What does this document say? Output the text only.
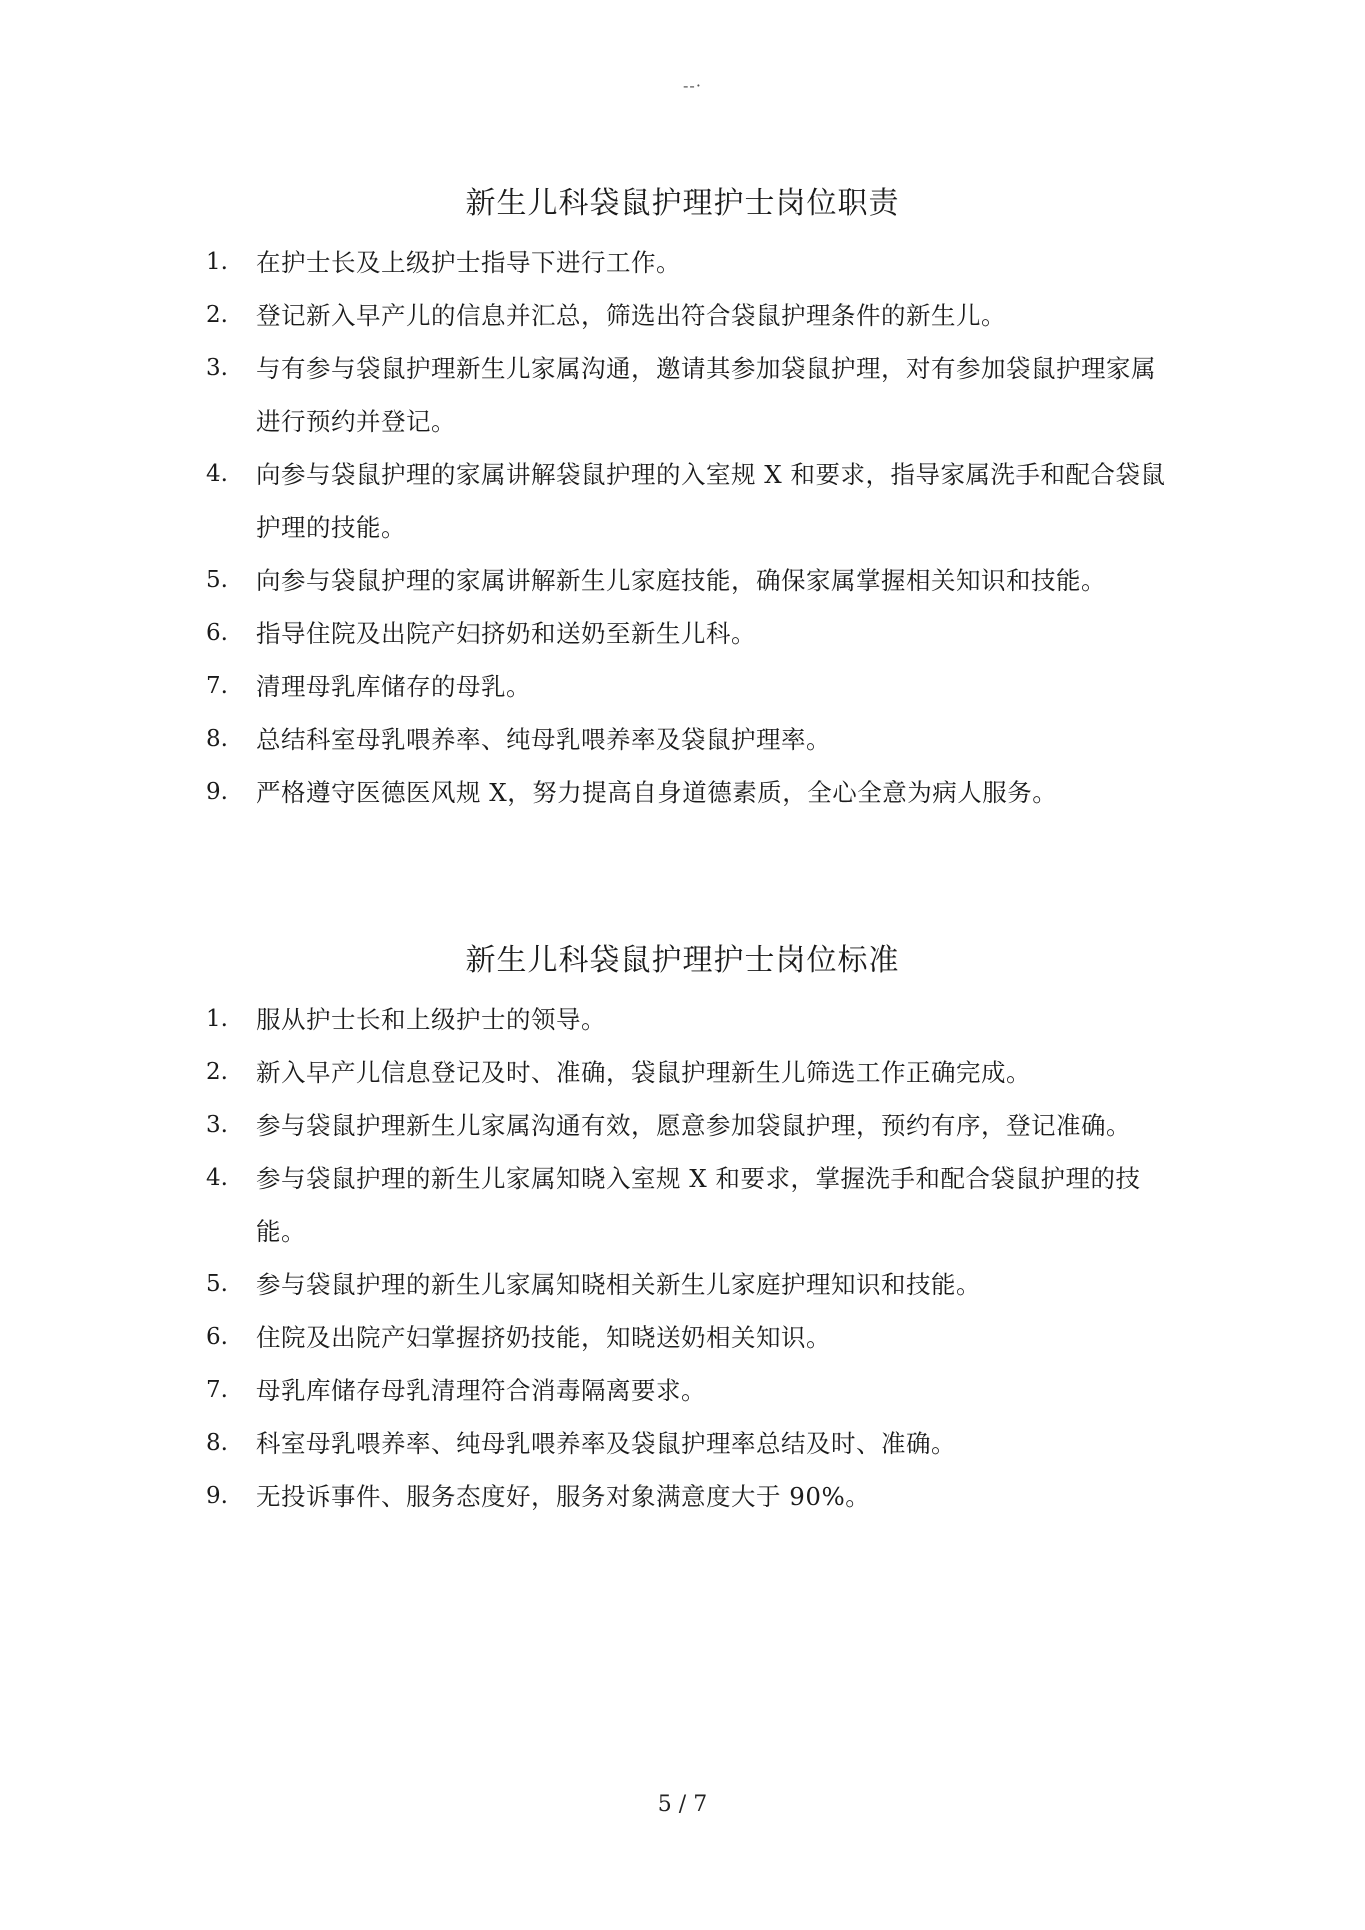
--·
新生儿科袋鼠护理护士岗位职责
1.	在护士长及上级护士指导下进行工作。
2.	登记新入早产儿的信息并汇总，筛选出符合袋鼠护理条件的新生儿。
3.	与有参与袋鼠护理新生儿家属沟通，邀请其参加袋鼠护理，对有参加袋鼠护理家属进行预约并登记。
4.	向参与袋鼠护理的家属讲解袋鼠护理的入室规 X 和要求，指导家属洗手和配合袋鼠护理的技能。
5.	向参与袋鼠护理的家属讲解新生儿家庭技能，确保家属掌握相关知识和技能。
6.	指导住院及出院产妇挤奶和送奶至新生儿科。
7.	清理母乳库储存的母乳。
8.	总结科室母乳喂养率、纯母乳喂养率及袋鼠护理率。
9.	严格遵守医德医风规 X，努力提高自身道德素质，全心全意为病人服务。
新生儿科袋鼠护理护士岗位标准
1.	服从护士长和上级护士的领导。
2.	新入早产儿信息登记及时、准确，袋鼠护理新生儿筛选工作正确完成。
3.	参与袋鼠护理新生儿家属沟通有效，愿意参加袋鼠护理，预约有序，登记准确。
4.	参与袋鼠护理的新生儿家属知晓入室规 X 和要求，掌握洗手和配合袋鼠护理的技能。
5.	参与袋鼠护理的新生儿家属知晓相关新生儿家庭护理知识和技能。
6.	住院及出院产妇掌握挤奶技能，知晓送奶相关知识。
7.	母乳库储存母乳清理符合消毒隔离要求。
8.	科室母乳喂养率、纯母乳喂养率及袋鼠护理率总结及时、准确。
9.	无投诉事件、服务态度好，服务对象满意度大于 90%。
5 / 7
